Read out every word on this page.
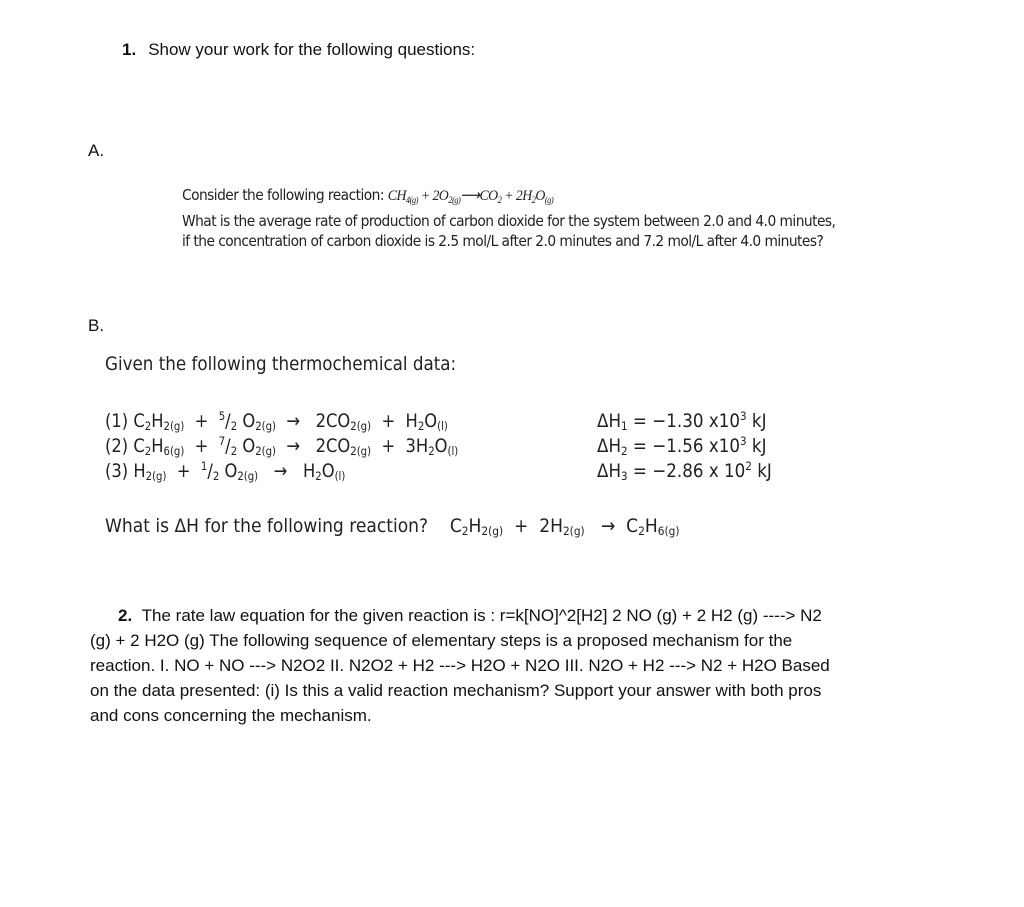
1. Show your work for the following questions:
A.
Consider the following reaction: $CH_{4(g)}$ + $2O_{2(g)}⟶CO_2 + 2H_2O_{(g)}$
What is the average rate of production of carbon dioxide for the system between 2.0 and 4.0 minutes,
if the concentration of carbon dioxide is 2.5 mol/L after 2.0 minutes and 7.2 mol/L after 4.0 minutes?
B.
Given the following thermochemical data:
(1) $C_2H_{2(g)} + ^5/_2$ $O_{2(g)} \to 2CO_{2(g)} + H_2O_{(l)}$
(2) $C_2H_{6(g)} + ^7/_2$ $O_{2(g)} \to 2CO_{2(g)} + 3H_2O_{(l)}$
(3) $H_{2(g)} + ^1/_2$ $O_{2(g)} \to H_2O_{(l)}$
$\Delta H_1 = -1.30$ $x10^3$ kJ
$\Delta H_2 = -1.56$ $x10^3$ kJ
$\Delta H_3 = -2.86$ x $10^2$ kJ
What is ΔH for the following reaction?    $C_2H_{2(g)} + 2H_{2(g)} \to C_2H_{6(g)}$
2. The rate law equation for the given reaction is : r=k[NO]^2[H2] 2 NO (g) + 2 H2 (g) ----> N2 (g) + 2 H2O (g) The following sequence of elementary steps is a proposed mechanism for the reaction. I. NO + NO ---> N2O2 II. N2O2 + H2 ---> H2O + N2O III. N2O + H2 ---> N2 + H2O Based on the data presented: (i) Is this a valid reaction mechanism? Support your answer with both pros and cons concerning the mechanism.
